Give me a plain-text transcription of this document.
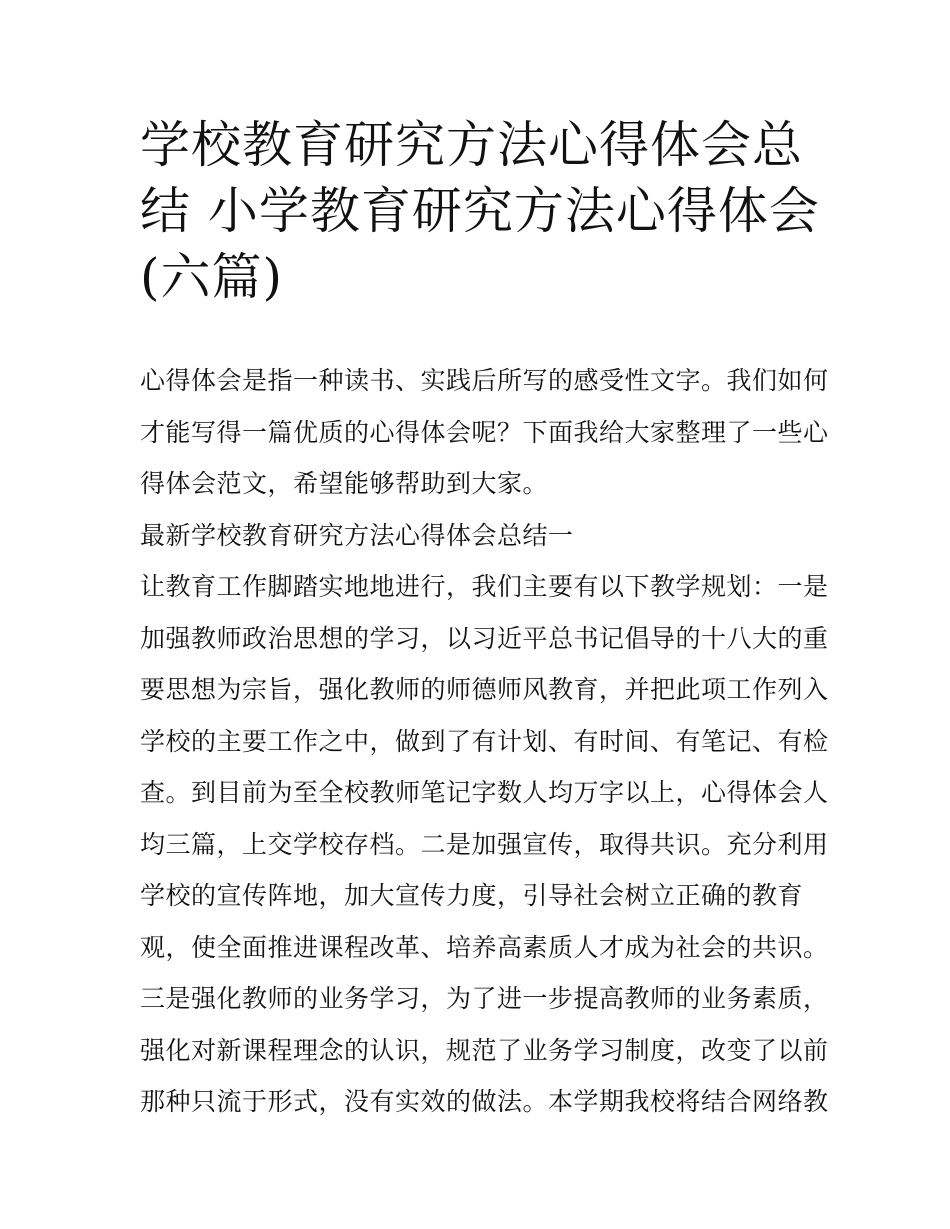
学校教育研究方法心得体会总
结 小学教育研究方法心得体会
(六篇)
心得体会是指一种读书、实践后所写的感受性文字。我们如何
才能写得一篇优质的心得体会呢？下面我给大家整理了一些心
得体会范文，希望能够帮助到大家。
最新学校教育研究方法心得体会总结一
让教育工作脚踏实地地进行，我们主要有以下教学规划：一是
加强教师政治思想的学习，以习近平总书记倡导的十八大的重
要思想为宗旨，强化教师的师德师风教育，并把此项工作列入
学校的主要工作之中，做到了有计划、有时间、有笔记、有检
查。到目前为至全校教师笔记字数人均万字以上，心得体会人
均三篇，上交学校存档。二是加强宣传，取得共识。充分利用
学校的宣传阵地，加大宣传力度，引导社会树立正确的教育
观，使全面推进课程改革、培养高素质人才成为社会的共识。
三是强化教师的业务学习，为了进一步提高教师的业务素质，
强化对新课程理念的认识，规范了业务学习制度，改变了以前
那种只流于形式，没有实效的做法。本学期我校将结合网络教
